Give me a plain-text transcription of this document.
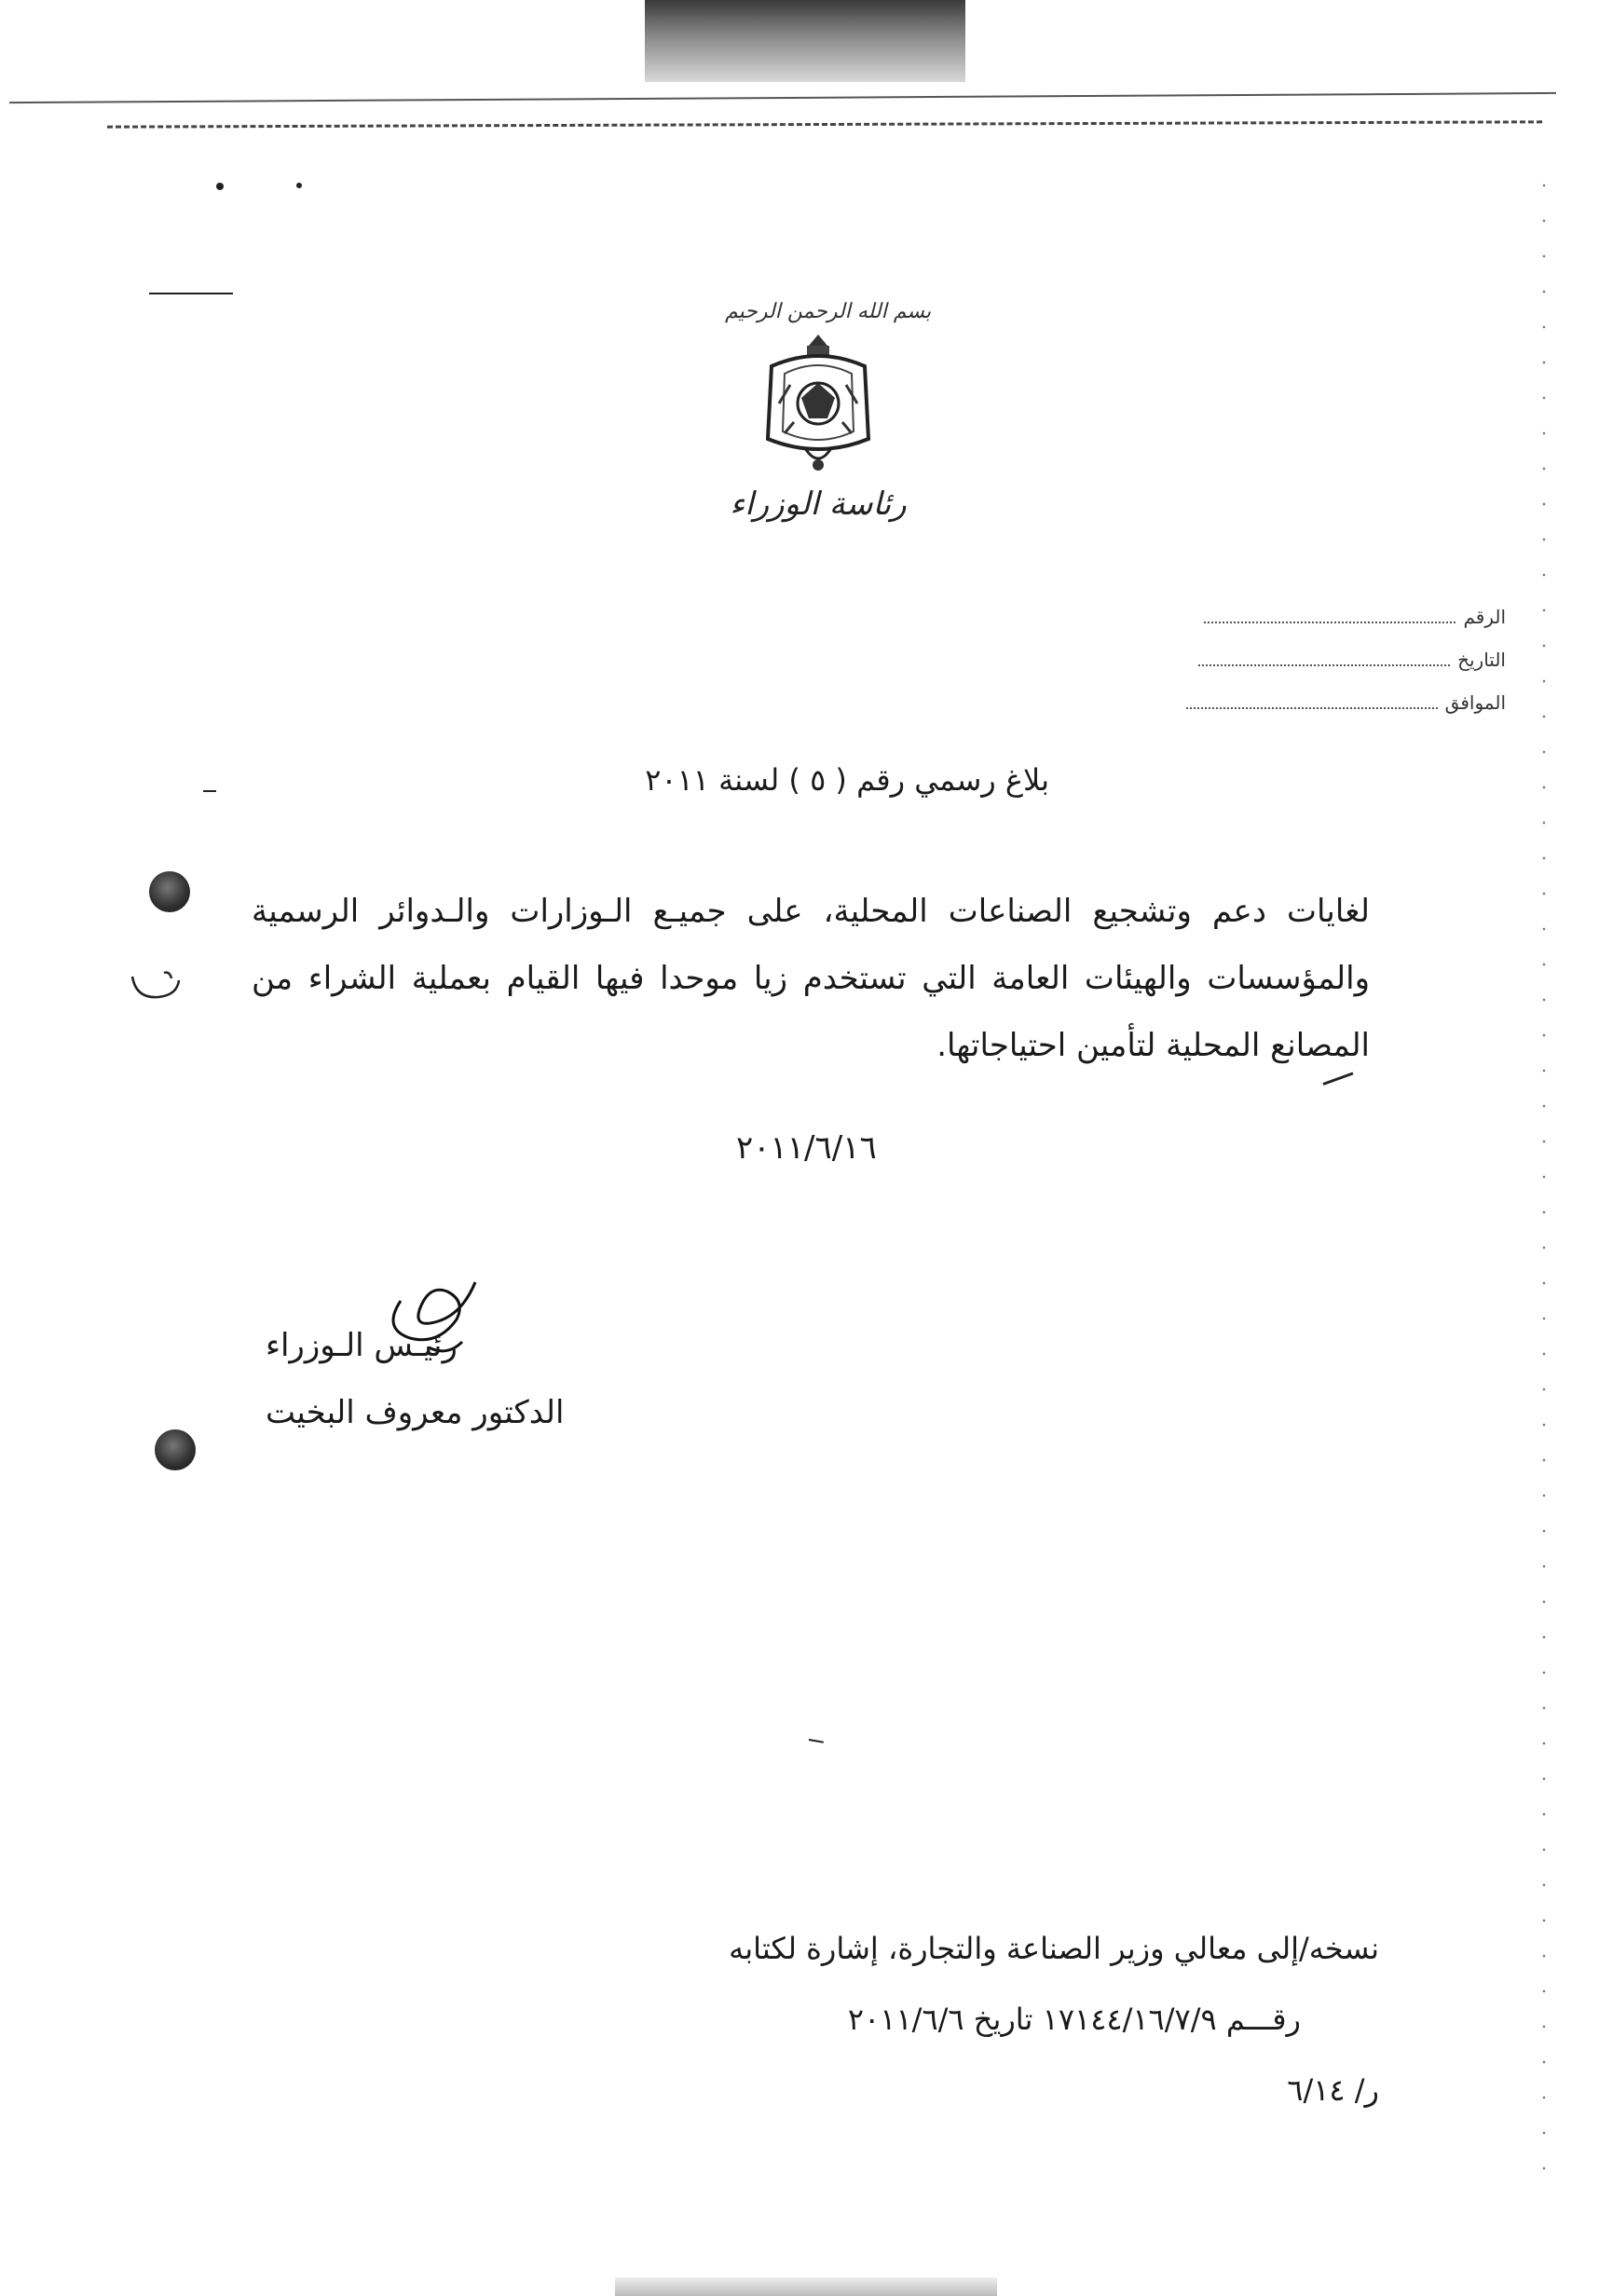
بسم الله الرحمن الرحيم
رئاسة الوزراء
الرقم
التاريخ
الموافق
بلاغ رسمي رقم ( ٥ ) لسنة ٢٠١١
لغايات دعم وتشجيع الصناعات المحلية، على جميـع الـوزارات والـدوائر الرسمية والمؤسسات والهيئات العامة التي تستخدم زيا موحدا فيها القيام بعملية الشراء من المصانع المحلية لتأمين احتياجاتها.
٢٠١١/٦/١٦
رئيـس الـوزراء
الدكتور معروف البخيت
نسخه/إلى معالي وزير الصناعة والتجارة، إشارة لكتابه
رقـــم ١٧١٤٤/١٦/٧/٩ تاريخ ٢٠١١/٦/٦
ر/ ٦/١٤
